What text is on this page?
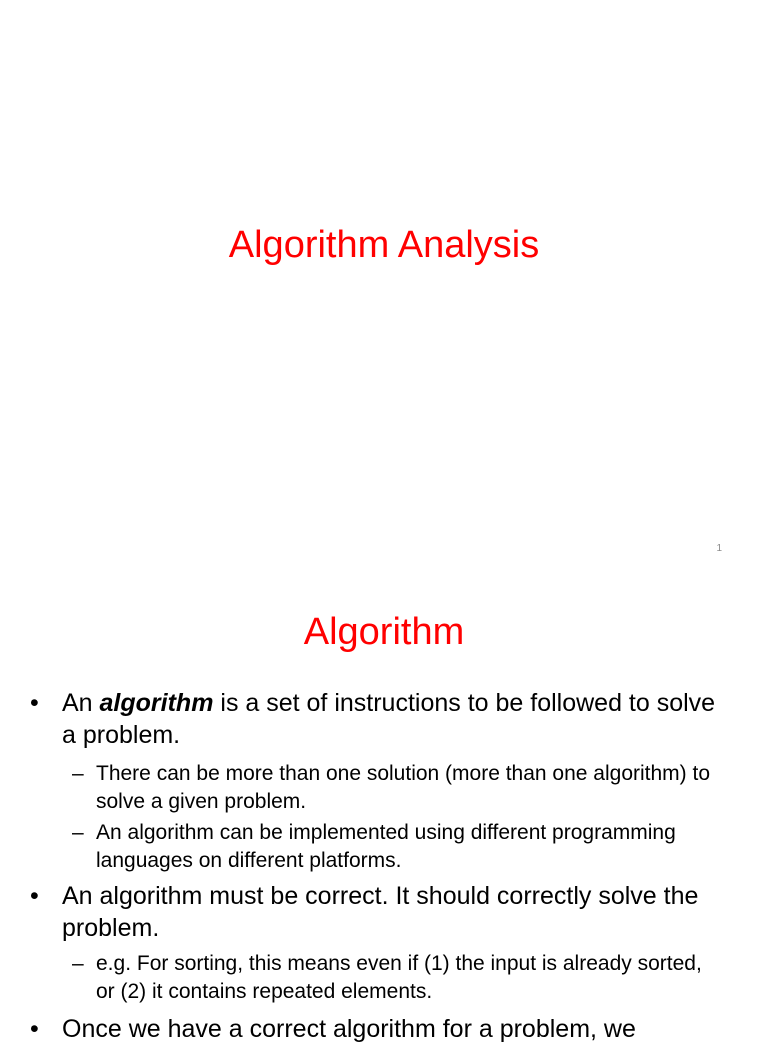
Algorithm Analysis
1
Algorithm
• An algorithm is a set of instructions to be followed to solve a problem.
– There can be more than one solution (more than one algorithm) to solve a given problem.
– An algorithm can be implemented using different programming languages on different platforms.
• An algorithm must be correct. It should correctly solve the problem.
– e.g. For sorting, this means even if (1) the input is already sorted, or (2) it contains repeated elements.
• Once we have a correct algorithm for a problem, we
